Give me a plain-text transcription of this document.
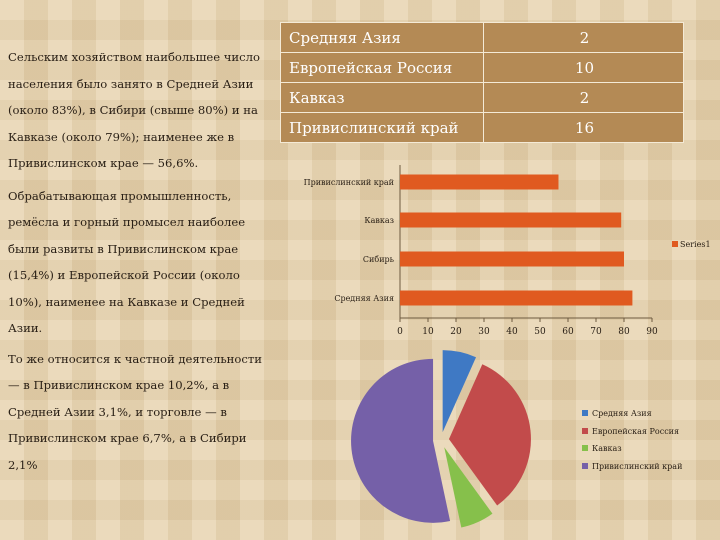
Сельским хозяйством наибольшее число населения было занято в Средней Азии (около 83%), в Сибири (свыше 80%) и на Кавказе (около 79%); наименее же в Привислинском крае — 56,6%.

Обрабатывающая промышленность, ремёсла и горный промысел наиболее были развиты в Привислинском крае (15,4%) и Европейской России (около 10%), наименее на Кавказе и Средней Азии.

То же относится к частной деятельности — в Привислинском крае 10,2%, а в Средней Азии 3,1%, и торговле — в Привислинском крае 6,7%, а в Сибири 2,1%

Средняя Азия	2
Европейская Россия	10
Кавказ	2
Привислинский край	16
0 10 20 30 40 50 60 70 80 90
Привислинский край
Кавказ
Сибирь
Средняя Азия
Series1
Средняя Азия
Европейская Россия
Кавказ
Привислинский край
